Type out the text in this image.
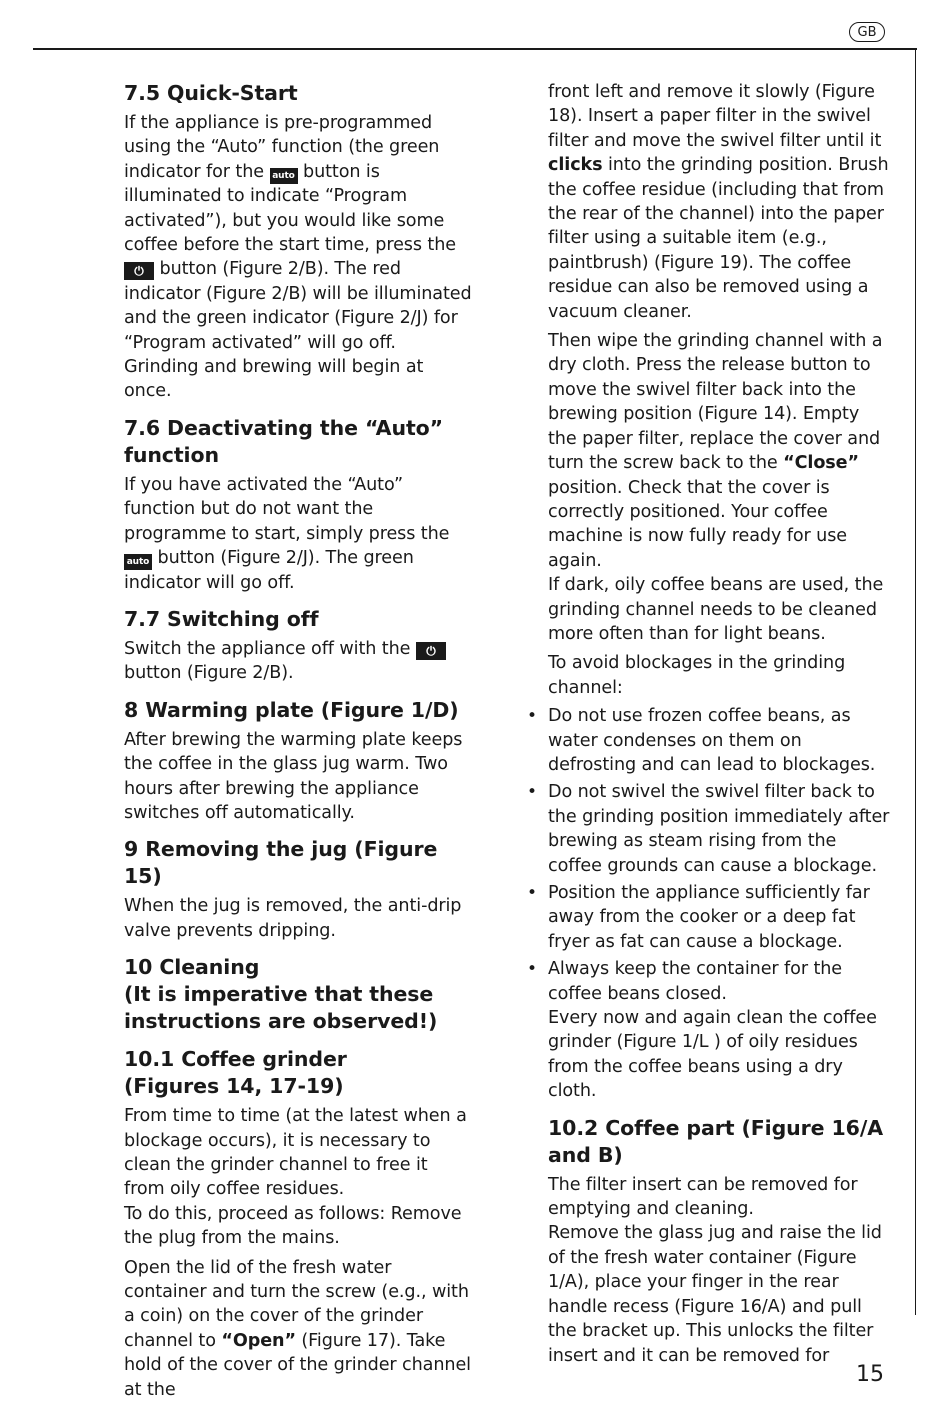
GB
7.5 Quick-Start

If the appliance is pre-programmed using the “Auto” function (the green indicator for the auto button is illuminated to indicate “Program activated”), but you would like some coffee before the start time, press the ⏻ button (Figure 2/B). The red indicator (Figure 2/B) will be illuminated and the green indicator (Figure 2/J) for “Program activated” will go off. Grinding and brewing will begin at once.

7.6 Deactivating the “Auto” function

If you have activated the “Auto” function but do not want the programme to start, simply press the auto button (Figure 2/J). The green indicator will go off.

7.7 Switching off

Switch the appliance off with the ⏻ button (Figure 2/B).

8 Warming plate (Figure 1/D)

After brewing the warming plate keeps the coffee in the glass jug warm. Two hours after brewing the appliance switches off automatically.

9 Removing the jug (Figure 15)

When the jug is removed, the anti-drip valve prevents dripping.

10 Cleaning
(It is imperative that these instructions are observed!)
10.1 Coffee grinder
(Figures 14, 17-19)

From time to time (at the latest when a blockage occurs), it is necessary to clean the grinder channel to free it from oily coffee residues.

To do this, proceed as follows: Remove the plug from the mains.

Open the lid of the fresh water container and turn the screw (e.g., with a coin) on the cover of the grinder channel to “Open” (Figure 17). Take hold of the cover of the grinder channel at the

front left and remove it slowly (Figure 18). Insert a paper filter in the swivel filter and move the swivel filter until it clicks into the grinding position. Brush the coffee residue (including that from the rear of the channel) into the paper filter using a suitable item (e.g., paintbrush) (Figure 19). The coffee residue can also be removed using a vacuum cleaner.

Then wipe the grinding channel with a dry cloth. Press the release button to move the swivel filter back into the brewing position (Figure 14). Empty the paper filter, replace the cover and turn the screw back to the “Close” position. Check that the cover is correctly positioned. Your coffee machine is now fully ready for use again.

If dark, oily coffee beans are used, the grinding channel needs to be cleaned more often than for light beans.

To avoid blockages in the grinding channel:

• Do not use frozen coffee beans, as water condenses on them on defrosting and can lead to blockages.
• Do not swivel the swivel filter back to the grinding position immediately after brewing as steam rising from the coffee grounds can cause a blockage.
• Position the appliance sufficiently far away from the cooker or a deep fat fryer as fat can cause a blockage.
• Always keep the container for the coffee beans closed.
Every now and again clean the coffee grinder (Figure 1/L ) of oily residues from the coffee beans using a dry cloth.
10.2 Coffee part (Figure 16/A and B)

The filter insert can be removed for emptying and cleaning.

Remove the glass jug and raise the lid of the fresh water container (Figure 1/A), place your finger in the rear handle recess (Figure 16/A) and pull the bracket up. This unlocks the filter insert and it can be removed for

15
